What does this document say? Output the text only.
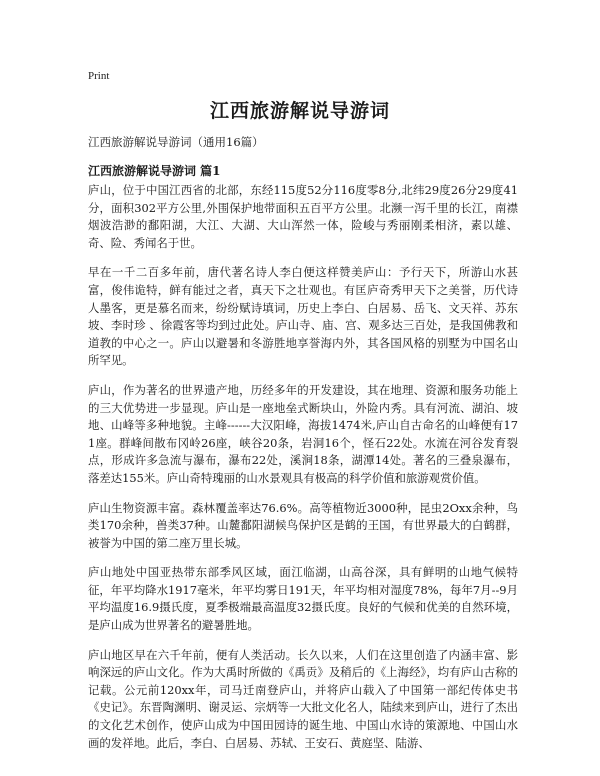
Print
江西旅游解说导游词
江西旅游解说导游词（通用16篇）
江西旅游解说导游词 篇1

庐山，位于中国江西省的北部，东经115度52分116度零8分,北纬29度26分29度41分，面积302平方公里,外围保护地带面积五百平方公里。北濒一泻千里的长江，南襟烟波浩渺的鄱阳湖，大江、大湖、大山浑然一体，险峻与秀丽刚柔相济，素以雄、奇、险、秀闻名于世。

早在一千二百多年前，唐代著名诗人李白便这样赞美庐山：予行天下，所游山水甚富，俊伟诡特，鲜有能过之者，真天下之壮观也。有匡庐奇秀甲天下之美誉，历代诗人墨客，更是慕名而来，纷纷赋诗填词，历史上李白、白居易、岳飞、文天祥、苏东坡、李时珍 、徐霞客等均到过此处。庐山寺、庙、宫、观多达三百处，是我国佛教和道教的中心之一。庐山以避暑和冬游胜地享誉海内外，其各国风格的别墅为中国名山所罕见。

庐山，作为著名的世界遗产地，历经多年的开发建设，其在地理、资源和服务功能上的三大优势进一步显现。庐山是一座地垒式断块山，外险内秀。具有河流、湖泊、坡地、山峰等多种地貌。主峰------大汉阳峰，海拔1474米,庐山自古命名的山峰便有171座。群峰间散布冈岭26座，峡谷20条，岩洞16个，怪石22处。水流在河谷发育裂点，形成许多急流与瀑布，瀑布22处，溪涧18条，湖潭14处。著名的三叠泉瀑布，落差达155米。庐山奇特瑰丽的山水景观具有极高的科学价值和旅游观赏价值。

庐山生物资源丰富。森林覆盖率达76.6%。高等植物近3000种，昆虫2Oxx余种，鸟类170余种，兽类37种。山麓鄱阳湖候鸟保护区是鹤的王国，有世界最大的白鹤群，被誉为中国的第二座万里长城。

庐山地处中国亚热带东部季风区域，面江临湖，山高谷深，具有鲜明的山地气候特征，年平均降水1917毫米，年平均雾日191天，年平均相对湿度78%，每年7月--9月平均温度16.9摄氏度，夏季极端最高温度32摄氏度。良好的气候和优美的自然环境，是庐山成为世界著名的避暑胜地。

庐山地区早在六千年前，便有人类活动。长久以来，人们在这里创造了内涵丰富、影响深远的庐山文化。作为大禹时所做的《禹贡》及稍后的《上海经》，均有庐山古称的记载。公元前120xx年，司马迁南登庐山，并将庐山载入了中国第一部纪传体史书《史记》。东晋陶渊明、谢灵运、宗炳等一大批文化名人，陆续来到庐山，进行了杰出的文化艺术创作，使庐山成为中国田园诗的诞生地、中国山水诗的策源地、中国山水画的发祥地。此后，李白、白居易、苏轼、王安石、黄庭坚、陆游、
